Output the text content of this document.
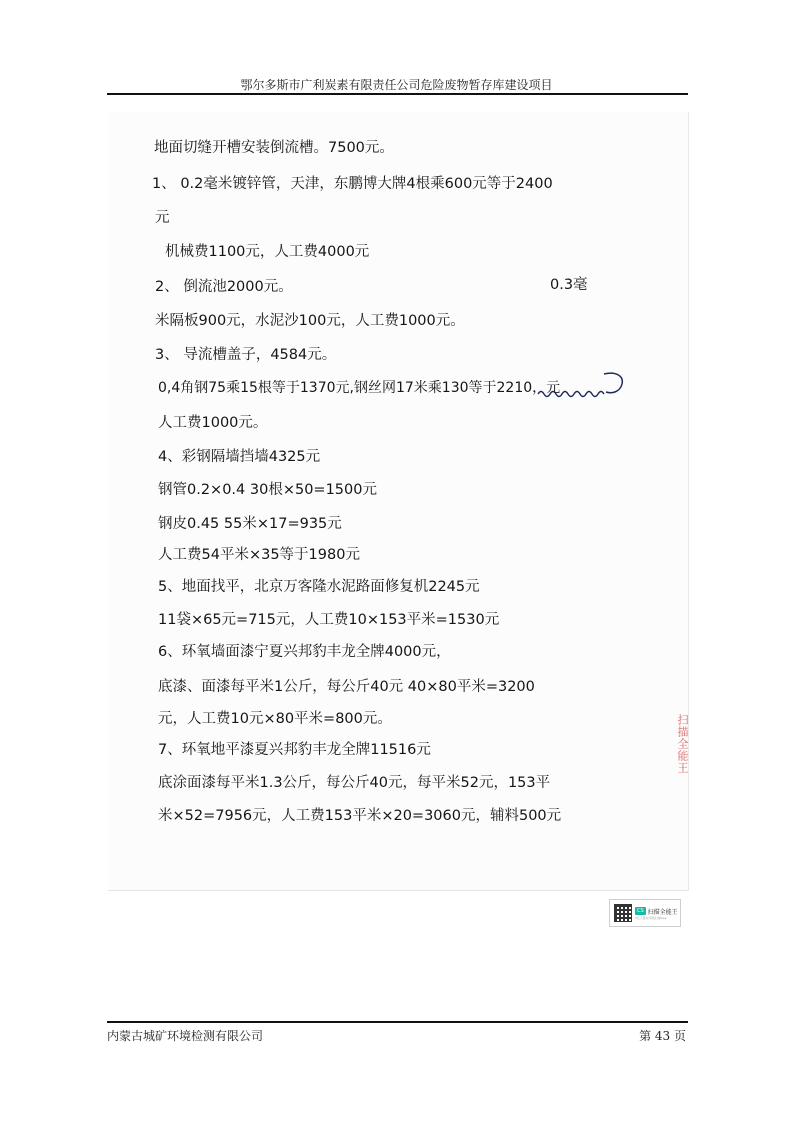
鄂尔多斯市广利炭素有限责任公司危险废物暂存库建设项目
地面切缝开槽安装倒流槽。7500元。
1、 0.2毫米镀锌管，天津，东鹏博大牌4根乘600元等于2400
元
机械费1100元，人工费4000元
2、 倒流池2000元。	0.3毫
米隔板900元，水泥沙100元，人工费1000元。
3、 导流槽盖子，4584元。
0,4角钢75乘15根等于1370元,钢丝网17米乘130等于2210，元
人工费1000元。
4、彩钢隔墙挡墙4325元
钢管0.2×0.4 30根×50=1500元
钢皮0.45 55米×17=935元
人工费54平米×35等于1980元
5、地面找平，北京万客隆水泥路面修复机2245元
11袋×65元=715元，人工费10×153平米=1530元
6、环氧墙面漆宁夏兴邦豹丰龙全牌4000元，
底漆、面漆每平米1公斤，每公斤40元 40×80平米=3200
元，人工费10元×80平米=800元。
7、环氧地平漆夏兴邦豹丰龙全牌11516元
底涂面漆每平米1.3公斤，每公斤40元，每平米52元，153平
米×52=7956元，人工费153平米×20=3060元，辅料500元
扫描全能王
CS 扫描全能王
3亿人都在用的扫描App
内蒙古城矿环境检测有限公司	第 43 页
